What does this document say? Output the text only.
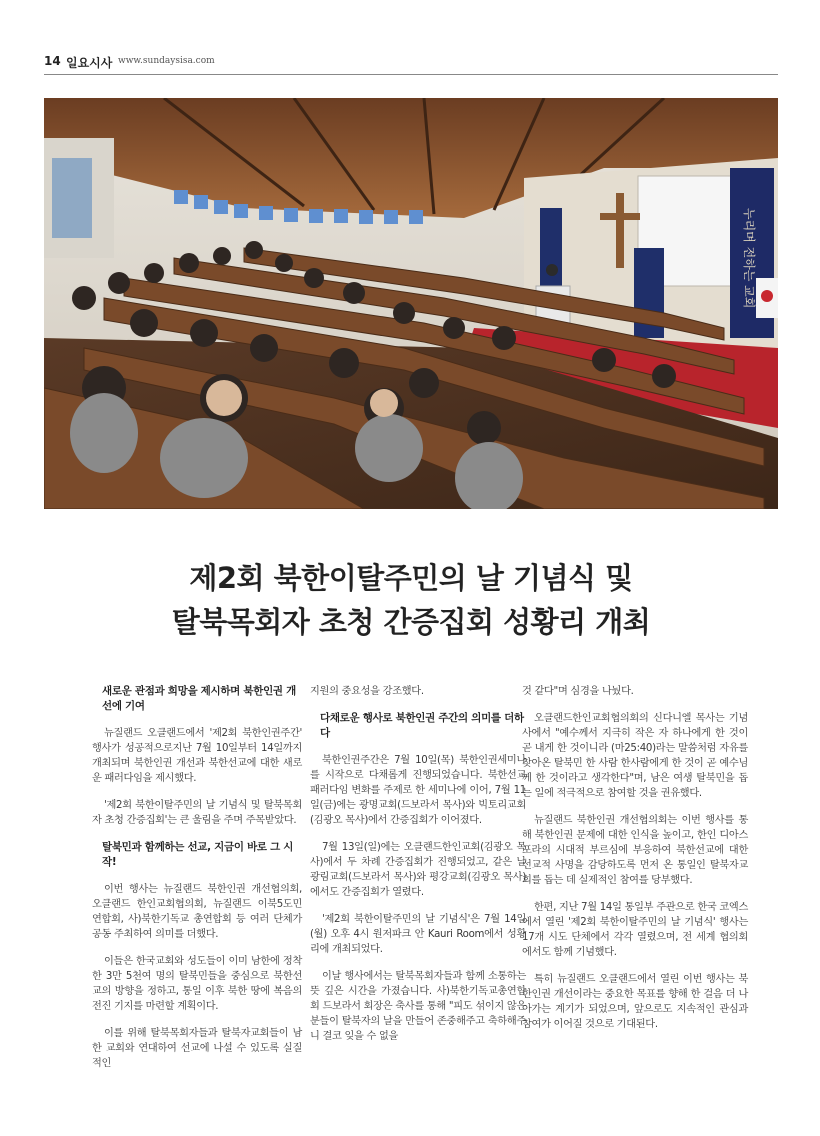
14 일요시사 www.sundaysisa.com
누리며 전하는 교회
제2회 북한이탈주민의 날 기념식 및
탈북목회자 초청 간증집회 성황리 개최
새로운 관점과 희망을 제시하며 북한인권 개선에 기여
뉴질랜드 오클랜드에서 '제2회 북한인권주간' 행사가 성공적으로지난 7월 10일부터 14일까지 개최되며 북한인권 개선과 북한선교에 대한 새로운 패러다임을 제시했다.
'제2회 북한이탈주민의 날 기념식 및 탈북목회자 초청 간증집회'는 큰 울림을 주며 주목받았다.
탈북민과 함께하는 선교, 지금이 바로 그 시작!
이번 행사는 뉴질랜드 북한인권 개선협의회, 오클랜드 한인교회협의회, 뉴질랜드 이북5도민 연합회, 사)북한기독교 총연합회 등 여러 단체가 공동 주최하여 의미를 더했다.
이들은 한국교회와 성도들이 이미 남한에 정착한 3만 5천여 명의 탈북민들을 중심으로 북한선교의 방향을 정하고, 통일 이후 북한 땅에 복음의 전진 기지를 마련할 계획이다.
이를 위해 탈북목회자들과 탈북자교회들이 남한 교회와 연대하여 선교에 나설 수 있도록 실질적인
지원의 중요성을 강조했다.
다채로운 행사로 북한인권 주간의 의미를 더하다
북한인권주간은 7월 10일(목) 북한인권세미나를 시작으로 다채롭게 진행되었습니다. 북한선교 패러다임 변화를 주제로 한 세미나에 이어, 7월 11일(금)에는 광명교회(드보라서 목사)와 빅토리교회(김광오 목사)에서 간증집회가 이어졌다.
7월 13일(일)에는 오클랜드한인교회(김광오 목사)에서 두 차례 간증집회가 진행되었고, 같은 날 광림교회(드보라서 목사)와 평강교회(김광오 목사)에서도 간증집회가 열렸다.
'제2회 북한이탈주민의 날 기념식'은 7월 14일(월) 오후 4시 원저파크 안 Kauri Room에서 성황리에 개최되었다.
이날 행사에서는 탈북목회자들과 함께 소통하는 뜻 깊은 시간을 가졌습니다. 사)북한기독교총연합회 드보라서 회장은 축사를 통해 "피도 섞이지 않은 분들이 탈북자의 날을 만들어 존중해주고 축하해주니 결코 잊을 수 없을
것 같다"며 심경을 나눴다.
오클랜드한인교회협의회의 신다니엘 목사는 기념사에서 "예수께서 지극히 작은 자 하나에게 한 것이 곧 내게 한 것이니라 (마25:40)라는 말씀처럼 자유를 찾아온 탈북민 한 사람 한사람에게 한 것이 곧 예수님께 한 것이라고 생각한다"며, 남은 여생 탈북민을 돕는 일에 적극적으로 참여할 것을 권유했다.
뉴질랜드 북한인권 개선협의회는 이번 행사를 통해 북한인권 문제에 대한 인식을 높이고, 한인 디아스포라의 시대적 부르심에 부응하여 북한선교에 대한 선교적 사명을 감당하도록 먼저 온 통일인 탈북자교회를 돕는 데 실제적인 참여를 당부했다.
한편, 지난 7월 14일 통일부 주관으로 한국 코엑스에서 열린 '제2회 북한이탈주민의 날 기념식' 행사는 17개 시도 단체에서 각각 열렸으며, 전 세계 협의회에서도 함께 기념했다.
특히 뉴질랜드 오클랜드에서 열린 이번 행사는 북한인권 개선이라는 중요한 목표를 향해 한 걸음 더 나아가는 계기가 되었으며, 앞으로도 지속적인 관심과 참여가 이어질 것으로 기대된다.
